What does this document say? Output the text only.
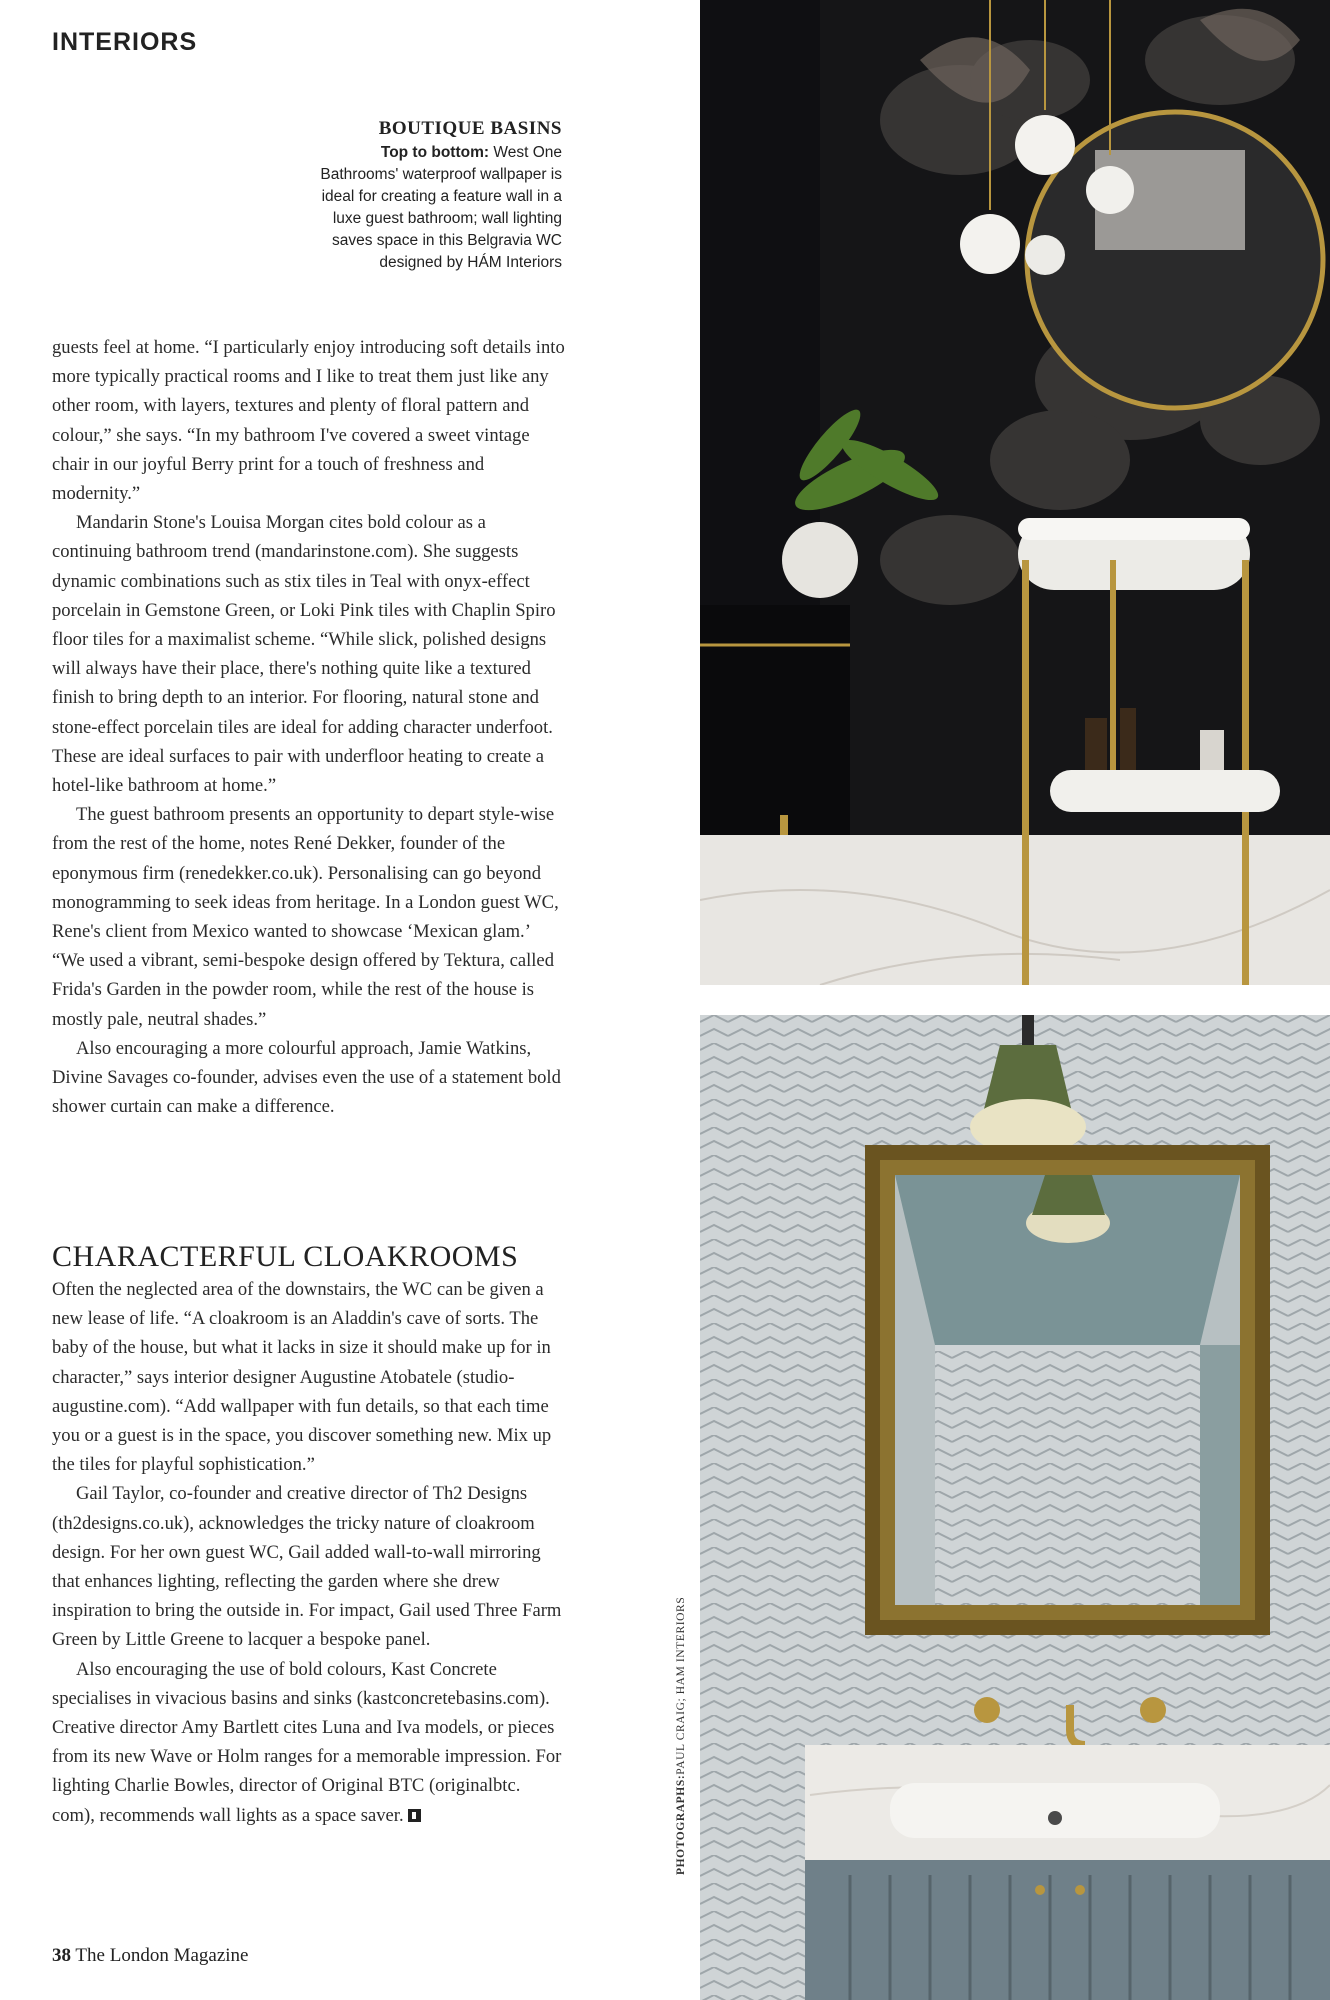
INTERIORS
BOUTIQUE BASINS
Top to bottom: West One Bathrooms' waterproof wallpaper is ideal for creating a feature wall in a luxe guest bathroom; wall lighting saves space in this Belgravia WC designed by HÁM Interiors

guests feel at home. “I particularly enjoy introducing soft details into more typically practical rooms and I like to treat them just like any other room, with layers, textures and plenty of floral pattern and colour,” she says. “In my bathroom I've covered a sweet vintage chair in our joyful Berry print for a touch of freshness and modernity.”

Mandarin Stone's Louisa Morgan cites bold colour as a continuing bathroom trend (mandarinstone.com). She suggests dynamic combinations such as stix tiles in Teal with onyx-effect porcelain in Gemstone Green, or Loki Pink tiles with Chaplin Spiro floor tiles for a maximalist scheme. “While slick, polished designs will always have their place, there's nothing quite like a textured finish to bring depth to an interior. For flooring, natural stone and stone-effect porcelain tiles are ideal for adding character underfoot. These are ideal surfaces to pair with underfloor heating to create a hotel-like bathroom at home.”

The guest bathroom presents an opportunity to depart style-wise from the rest of the home, notes René Dekker, founder of the eponymous firm (renedekker.co.uk). Personalising can go beyond monogramming to seek ideas from heritage. In a London guest WC, Rene's client from Mexico wanted to showcase ‘Mexican glam.’ “We used a vibrant, semi-bespoke design offered by Tektura, called Frida's Garden in the powder room, while the rest of the house is mostly pale, neutral shades.”

Also encouraging a more colourful approach, Jamie Watkins, Divine Savages co-founder, advises even the use of a statement bold shower curtain can make a difference.

CHARACTERFUL CLOAKROOMS

Often the neglected area of the downstairs, the WC can be given a new lease of life. “A cloakroom is an Aladdin's cave of sorts. The baby of the house, but what it lacks in size it should make up for in character,” says interior designer Augustine Atobatele (studio-augustine.com). “Add wallpaper with fun details, so that each time you or a guest is in the space, you discover something new. Mix up the tiles for playful sophistication.”

Gail Taylor, co-founder and creative director of Th2 Designs (th2designs.co.uk), acknowledges the tricky nature of cloakroom design. For her own guest WC, Gail added wall-to-wall mirroring that enhances lighting, reflecting the garden where she drew inspiration to bring the outside in. For impact, Gail used Three Farm Green by Little Greene to lacquer a bespoke panel.

Also encouraging the use of bold colours, Kast Concrete specialises in vivacious basins and sinks (kastconcretebasins.com). Creative director Amy Bartlett cites Luna and Iva models, or pieces from its new Wave or Holm ranges for a memorable impression. For lighting Charlie Bowles, director of Original BTC (originalbtc. com), recommends wall lights as a space saver.

38 The London Magazine
PHOTOGRAPHS:PAUL CRAIG; HAM INTERIORS
